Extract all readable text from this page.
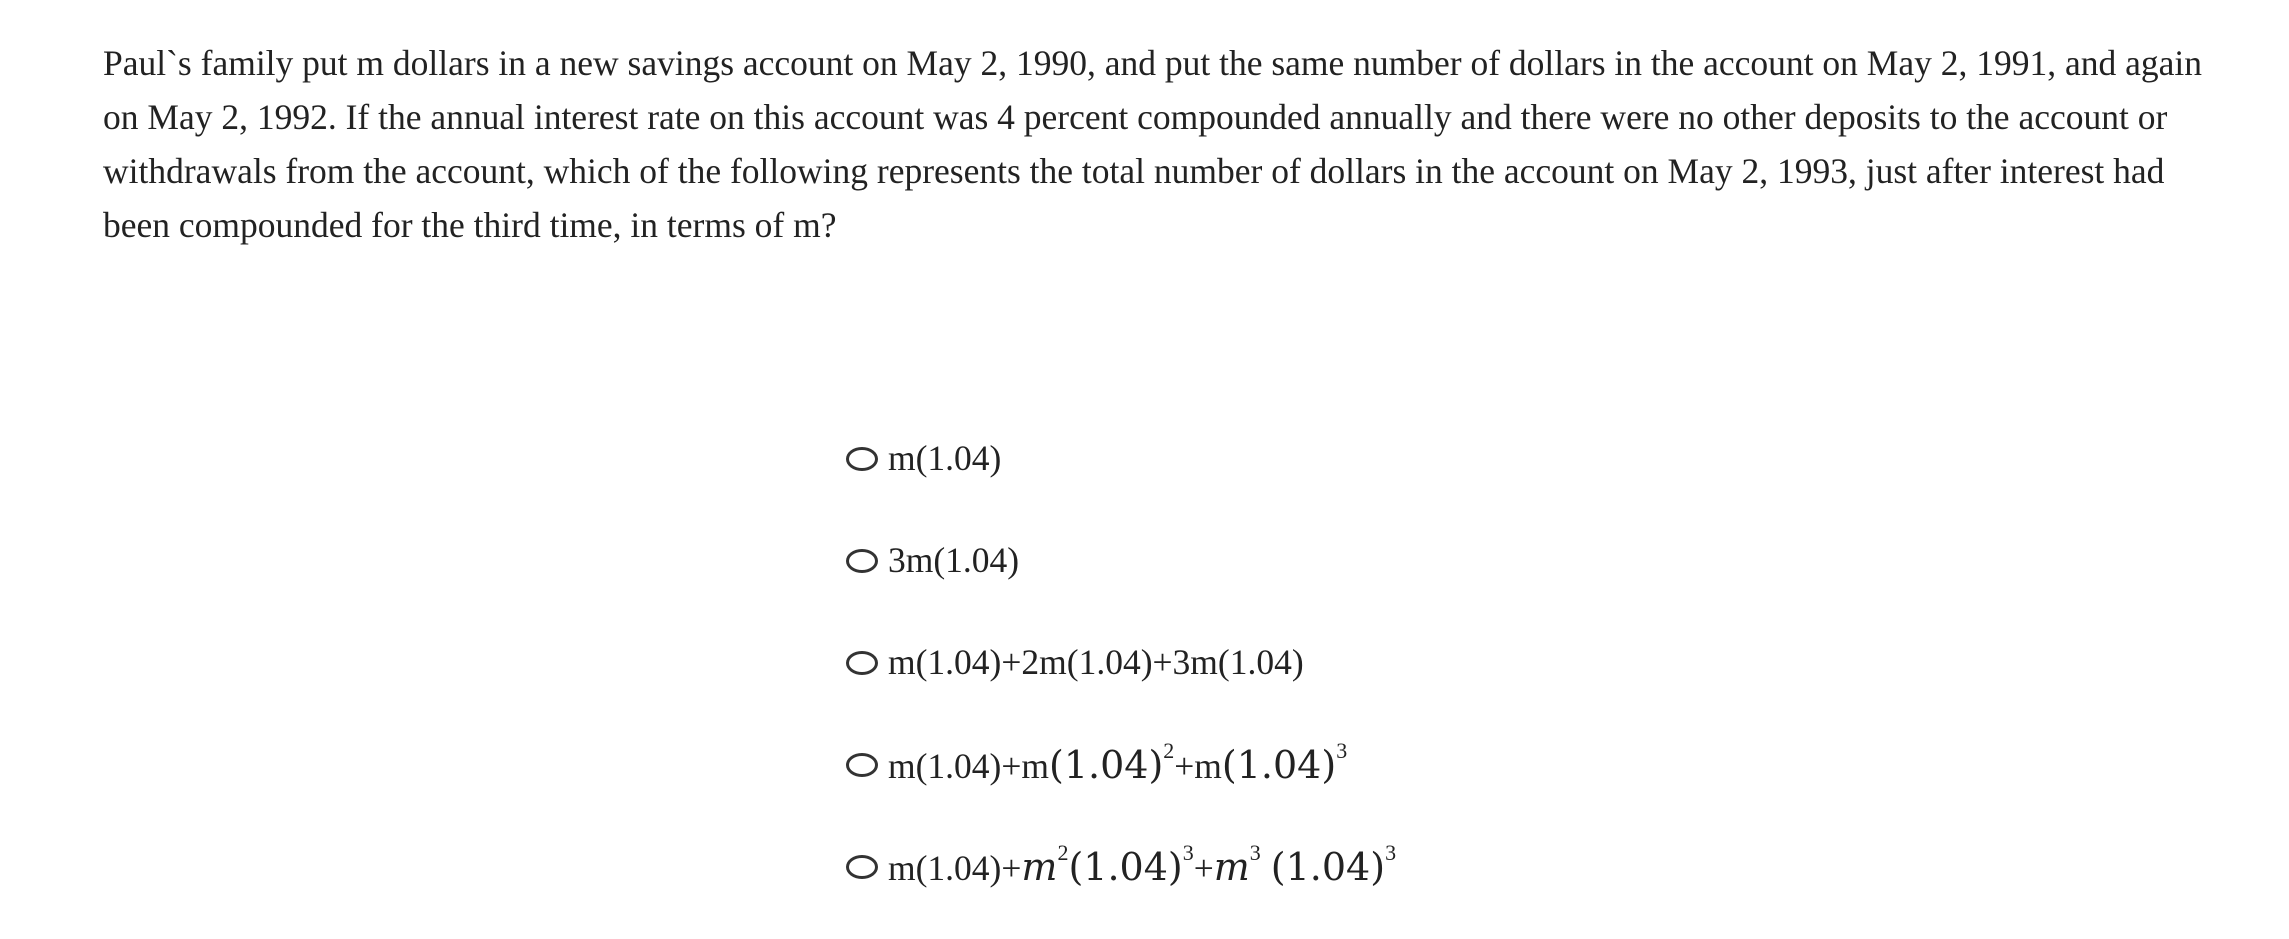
Paul`s family put m dollars in a new savings account on May 2, 1990, and put the same number of dollars in the account on May 2, 1991, and again on May 2, 1992. If the annual interest rate on this account was 4 percent compounded annually and there were no other deposits to the account or withdrawals from the account, which of the following represents the total number of dollars in the account on May 2, 1993, just after interest had been compounded for the third time, in terms of m?

m(1.04)
3m(1.04)
m(1.04)+2m(1.04)+3m(1.04)
$m(1.04)+m(1.04)^2+m(1.04)^3$
$m(1.04)+m^2(1.04)^3+m^3$ $(1.04)^3$
